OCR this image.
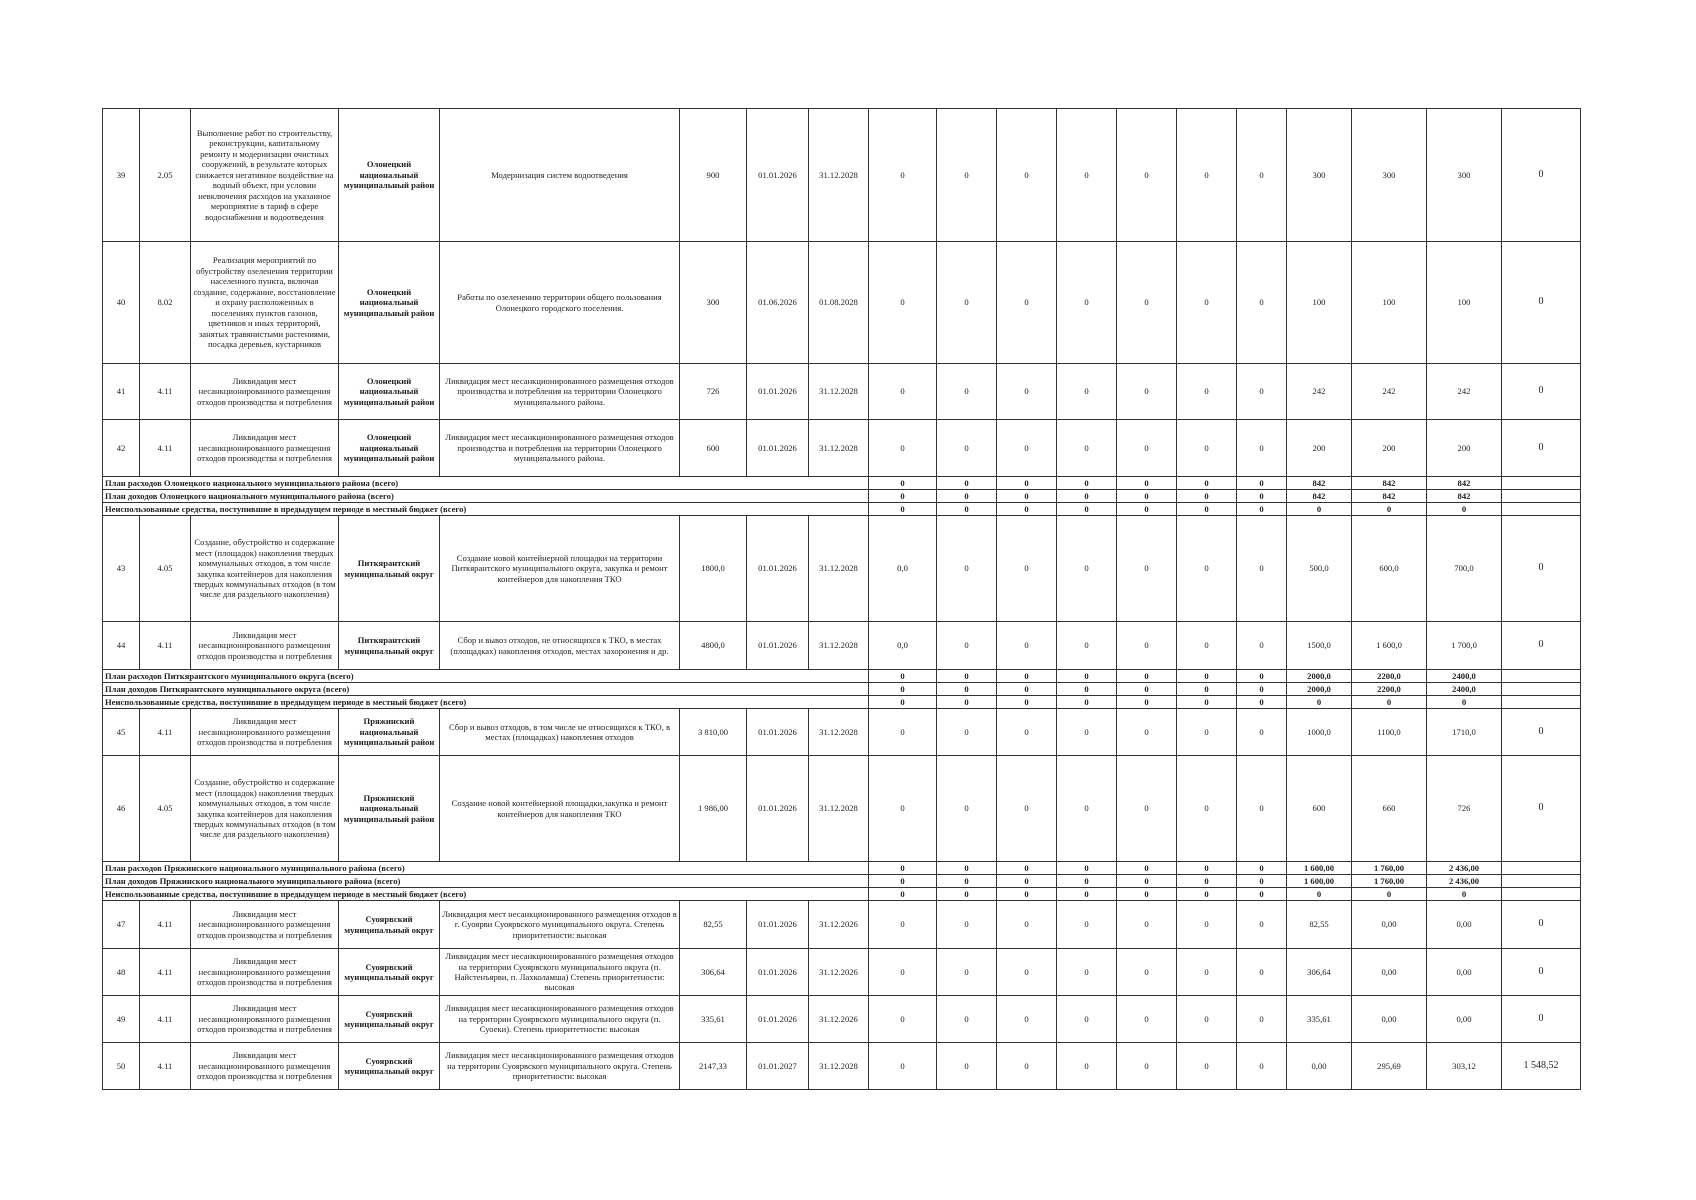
39	2.05	Выполнение работ по строительству, реконструкции, капитальному ремонту и модернизации очистных сооружений, в результате которых снижается негативное воздействие на водный объект, при условии невключения расходов на указанное мероприятие в тариф в сфере водоснабжения и водоотведения	Олонецкий национальный муниципальный район	Модернизация систем водоотведения	900	01.01.2026	31.12.2028	0	0	0	0	0	0	0	300	300	300	0
40	8.02	Реализация мероприятий по обустройству озеленения территории населенного пункта, включая создание, содержание, восстановление и охрану расположенных в поселениях пунктов газонов, цветников и иных территорий, занятых травянистыми растениями, посадка деревьев, кустарников	Олонецкий национальный муниципальный район	Работы по озеленению территории общего пользования Олонецкого городского поселения.	300	01.06.2026	01.08.2028	0	0	0	0	0	0	0	100	100	100	0
41	4.11	Ликвидация мест несанкционированного размещения отходов производства и потребления	Олонецкий национальный муниципальный район	Ликвидация мест несанкционированного размещения отходов производства и потребления на территории Олонецкого муниципального района.	726	01.01.2026	31.12.2028	0	0	0	0	0	0	0	242	242	242	0
42	4.11	Ликвидация мест несанкционированного размещения отходов производства и потребления	Олонецкий национальный муниципальный район	Ликвидация мест несанкционированного размещения отходов производства и потребления на территории Олонецкого муниципального района.	600	01.01.2026	31.12.2028	0	0	0	0	0	0	0	200	200	200	0
План расходов Олонецкого национального муниципального района (всего)								0	0	0	0	0	0	0	842	842	842	
План доходов Олонецкого национального муниципального района (всего)								0	0	0	0	0	0	0	842	842	842	
Неиспользованные средства, поступившие в предыдущем периоде в местный бюджет (всего)								0	0	0	0	0	0	0	0	0	0	
43	4.05	Создание, обустройство и содержание мест (площадок) накопления твердых коммунальных отходов, в том числе закупка контейнеров для накопления твердых коммунальных отходов (в том числе для раздельного накопления)	Питкярантский муниципальный округ	Создание новой контейнерной площадки на территории Питкярантского муниципального округа, закупка и ремонт контейнеров для накопления ТКО	1800,0	01.01.2026	31.12.2028	0,0	0	0	0	0	0	0	500,0	600,0	700,0	0
44	4.11	Ликвидация мест несанкционированного размещения отходов производства и потребления	Питкярантский муниципальный округ	Сбор и вывоз отходов, не относящихся к ТКО, в местах (площадках) накопления отходов, местах захоронения и др.	4800,0	01.01.2026	31.12.2028	0,0	0	0	0	0	0	0	1500,0	1 600,0	1 700,0	0
План расходов Питкярантского муниципального округа (всего)								0	0	0	0	0	0	0	2000,0	2200,0	2400,0	
План доходов Питкярантского муниципального округа (всего)								0	0	0	0	0	0	0	2000,0	2200,0	2400,0	
Неиспользованные средства, поступившие в предыдущем периоде в местный бюджет (всего)								0	0	0	0	0	0	0	0	0	0	
45	4.11	Ликвидация мест несанкционированного размещения отходов производства и потребления	Пряжинский национальный муниципальный район	Сбор и вывоз отходов, в том числе не относящихся к ТКО, в местах (площадках) накопления отходов	3 810,00	01.01.2026	31.12.2028	0	0	0	0	0	0	0	1000,0	1100,0	1710,0	0
46	4.05	Создание, обустройство и содержание мест (площадок) накопления твердых коммунальных отходов, в том числе закупка контейнеров для накопления твердых коммунальных отходов (в том числе для раздельного накопления)	Пряжинский национальный муниципальный район	Создание новой контейнерной площадки,закупка и ремонт контейнеров для накопления ТКО	1 986,00	01.01.2026	31.12.2028	0	0	0	0	0	0	0	600	660	726	0
План расходов Пряжинского национального муниципального района (всего)								0	0	0	0	0	0	0	1 600,00	1 760,00	2 436,00	
План доходов Пряжинского национального муниципального района (всего)								0	0	0	0	0	0	0	1 600,00	1 760,00	2 436,00	
Неиспользованные средства, поступившие в предыдущем периоде в местный бюджет (всего)								0	0	0	0	0	0	0	0	0	0	
47	4.11	Ликвидация мест несанкционированного размещения отходов производства и потребления	Суоярвский муниципальный округ	Ликвидация мест несанкционированного размещения отходов в г. Суоярви Суоярвского муниципального округа. Степень приоритетности: высокая	82,55	01.01.2026	31.12.2026	0	0	0	0	0	0	0	82,55	0,00	0,00	0
48	4.11	Ликвидация мест несанкционированного размещения отходов производства и потребления	Суоярвский муниципальный округ	Ликвидация мест несанкционированного размещения отходов на территории Суоярвского муниципального округа (п. Найстенъярви, п. Лахколамша) Степень приоритетности: высокая	306,64	01.01.2026	31.12.2026	0	0	0	0	0	0	0	306,64	0,00	0,00	0
49	4.11	Ликвидация мест несанкционированного размещения отходов производства и потребления	Суоярвский муниципальный округ	Ликвидация мест несанкционированного размещения отходов на территории Суоярвского муниципального округа (п. Суоеки). Степень приоритетности: высокая	335,61	01.01.2026	31.12.2026	0	0	0	0	0	0	0	335,61	0,00	0,00	0
50	4.11	Ликвидация мест несанкционированного размещения отходов производства и потребления	Суоярвский муниципальный округ	Ликвидация мест несанкционированного размещения отходов на территории Суоярвского муниципального округа. Степень приоритетности: высокая	2147,33	01.01.2027	31.12.2028	0	0	0	0	0	0	0	0,00	295,69	303,12	1 548,52
